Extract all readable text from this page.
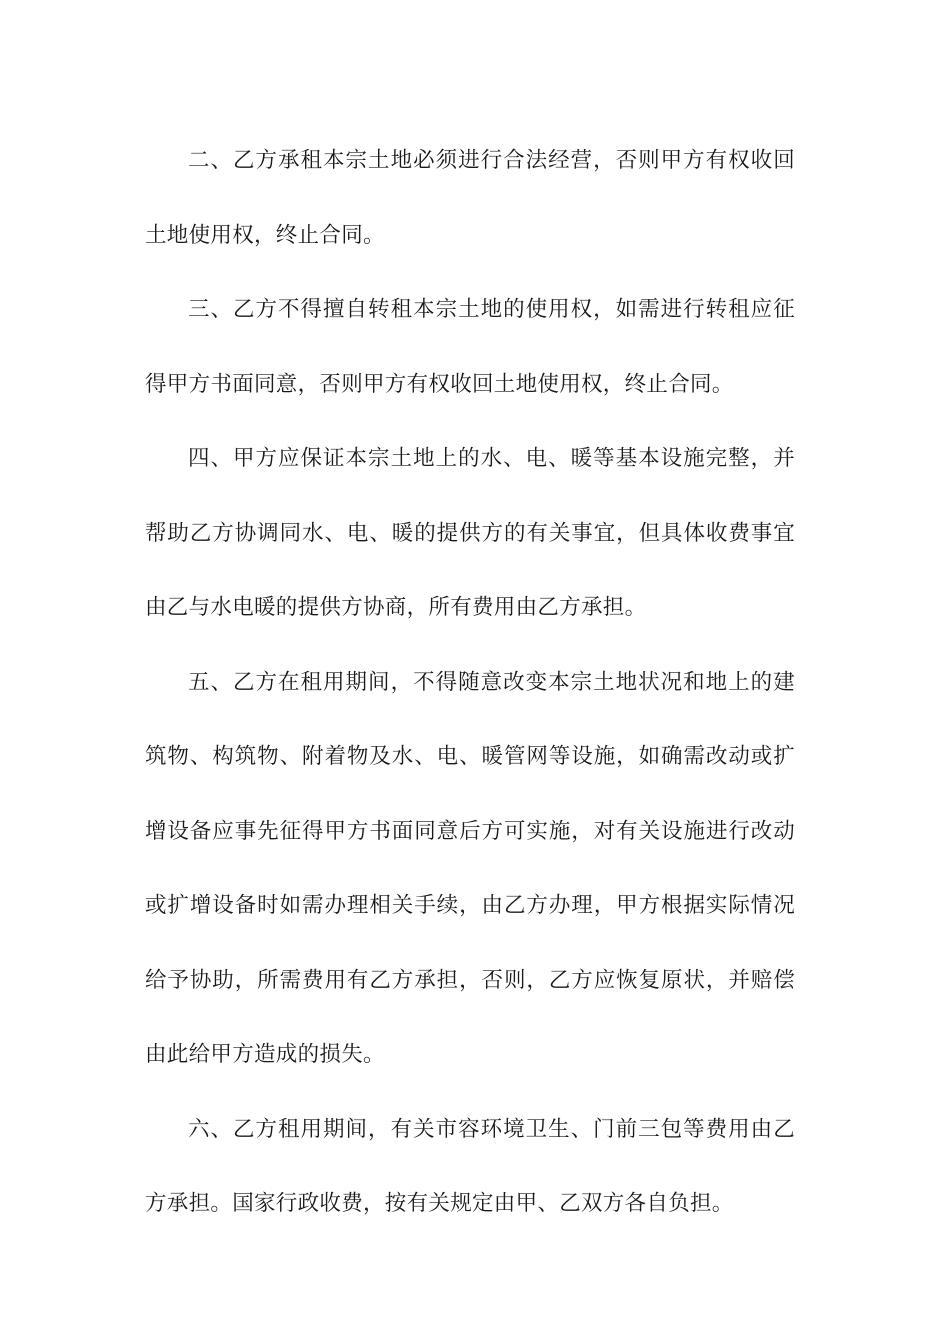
二、乙方承租本宗土地必须进行合法经营，否则甲方有权收回土地使用权，终止合同。

三、乙方不得擅自转租本宗土地的使用权，如需进行转租应征得甲方书面同意，否则甲方有权收回土地使用权，终止合同。

四、甲方应保证本宗土地上的水、电、暖等基本设施完整，并帮助乙方协调同水、电、暖的提供方的有关事宜，但具体收费事宜由乙与水电暖的提供方协商，所有费用由乙方承担。

五、乙方在租用期间，不得随意改变本宗土地状况和地上的建筑物、构筑物、附着物及水、电、暖管网等设施，如确需改动或扩增设备应事先征得甲方书面同意后方可实施，对有关设施进行改动或扩增设备时如需办理相关手续，由乙方办理，甲方根据实际情况给予协助，所需费用有乙方承担，否则，乙方应恢复原状，并赔偿由此给甲方造成的损失。

六、乙方租用期间，有关市容环境卫生、门前三包等费用由乙方承担。国家行政收费，按有关规定由甲、乙双方各自负担。
